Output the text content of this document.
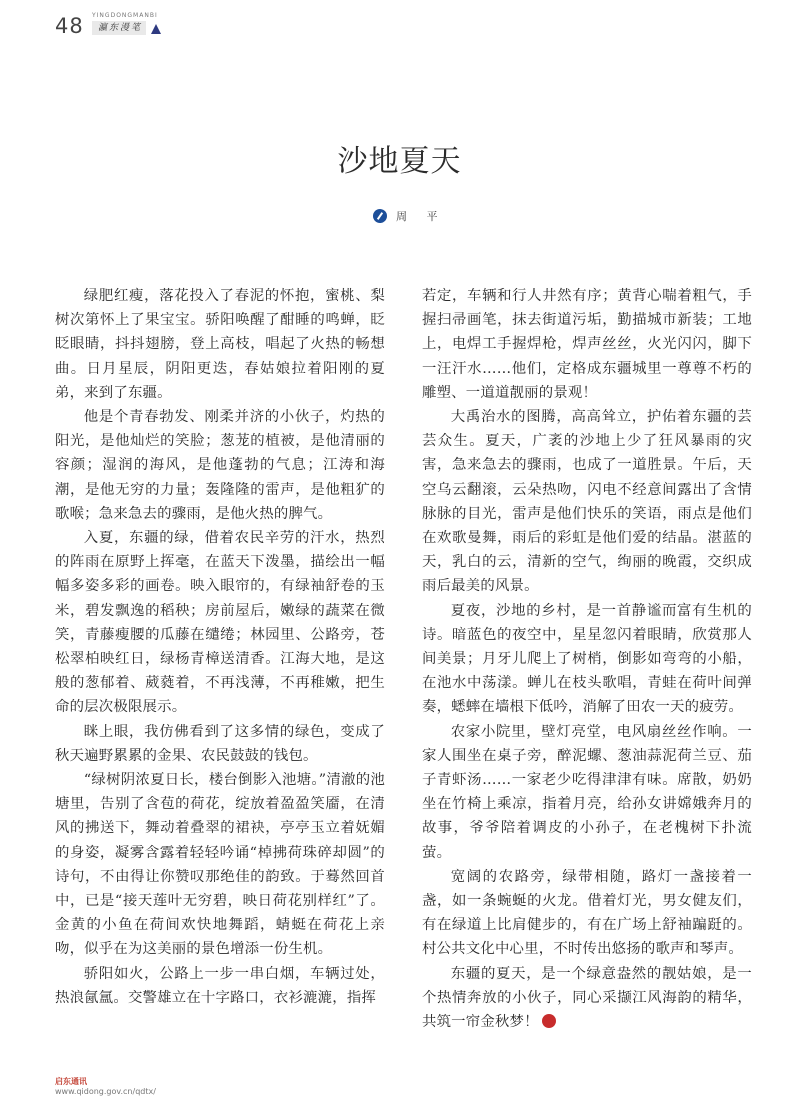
48 YINGDONGMANBI
瀛东漫笔
沙地夏天
周 平

绿肥红瘦，落花投入了春泥的怀抱，蜜桃、梨树次第怀上了果宝宝。骄阳唤醒了酣睡的鸣蝉，眨眨眼睛，抖抖翅膀，登上高枝，唱起了火热的畅想曲。日月星辰，阴阳更迭，春姑娘拉着阳刚的夏弟，来到了东疆。

他是个青春勃发、刚柔并济的小伙子，灼热的阳光，是他灿烂的笑脸；葱茏的植被，是他清丽的容颜；湿润的海风，是他蓬勃的气息；江涛和海潮，是他无穷的力量；轰隆隆的雷声，是他粗犷的歌喉；急来急去的骤雨，是他火热的脾气。

入夏，东疆的绿，借着农民辛劳的汗水，热烈的阵雨在原野上挥毫，在蓝天下泼墨，描绘出一幅幅多姿多彩的画卷。映入眼帘的，有绿袖舒卷的玉米，碧发飘逸的稻秧；房前屋后，嫩绿的蔬菜在微笑，青藤瘦腰的瓜藤在缱绻；林园里、公路旁，苍松翠柏映红日，绿杨青樟送清香。江海大地，是这般的葱郁着、葳蕤着，不再浅薄，不再稚嫩，把生命的层次极限展示。

眯上眼，我仿佛看到了这多情的绿色，变成了秋天遍野累累的金果、农民鼓鼓的钱包。

“绿树阴浓夏日长，楼台倒影入池塘。”清澈的池塘里，告别了含苞的荷花，绽放着盈盈笑靥，在清风的拂送下，舞动着叠翠的裙袂，亭亭玉立着妩媚的身姿，凝雾含露着轻轻吟诵“棹拂荷珠碎却圆”的诗句，不由得让你赞叹那绝佳的韵致。于蓦然回首中，已是“接天莲叶无穷碧，映日荷花别样红”了。金黄的小鱼在荷间欢快地舞蹈，蜻蜓在荷花上亲吻，似乎在为这美丽的景色增添一份生机。

骄阳如火，公路上一步一串白烟，车辆过处，热浪氤氲。交警雄立在十字路口，衣衫漉漉，指挥

若定，车辆和行人井然有序；黄背心喘着粗气，手握扫帚画笔，抹去街道污垢，勤描城市新装；工地上，电焊工手握焊枪，焊声丝丝，火光闪闪，脚下一汪汗水……他们，定格成东疆城里一尊尊不朽的雕塑、一道道靓丽的景观！

大禹治水的图腾，高高耸立，护佑着东疆的芸芸众生。夏天，广袤的沙地上少了狂风暴雨的灾害，急来急去的骤雨，也成了一道胜景。午后，天空乌云翻滚，云朵热吻，闪电不经意间露出了含情脉脉的目光，雷声是他们快乐的笑语，雨点是他们在欢歌曼舞，雨后的彩虹是他们爱的结晶。湛蓝的天，乳白的云，清新的空气，绚丽的晚霞，交织成雨后最美的风景。

夏夜，沙地的乡村，是一首静谧而富有生机的诗。暗蓝色的夜空中，星星忽闪着眼睛，欣赏那人间美景；月牙儿爬上了树梢，倒影如弯弯的小船，在池水中荡漾。蝉儿在枝头歌唱，青蛙在荷叶间弹奏，蟋蟀在墙根下低吟，消解了田农一天的疲劳。

农家小院里，壁灯亮堂，电风扇丝丝作响。一家人围坐在桌子旁，醉泥螺、葱油蒜泥荷兰豆、茄子青虾汤……一家老少吃得津津有味。席散，奶奶坐在竹椅上乘凉，指着月亮，给孙女讲嫦娥奔月的故事，爷爷陪着调皮的小孙子，在老槐树下扑流萤。

宽阔的农路旁，绿带相随，路灯一盏接着一盏，如一条蜿蜒的火龙。借着灯光，男女健友们，有在绿道上比肩健步的，有在广场上舒袖蹁跹的。村公共文化中心里，不时传出悠扬的歌声和琴声。

东疆的夏天，是一个绿意盎然的靓姑娘，是一个热情奔放的小伙子，同心采撷江风海韵的精华，共筑一帘金秋梦！

启东通讯
www.qidong.gov.cn/qdtx/
